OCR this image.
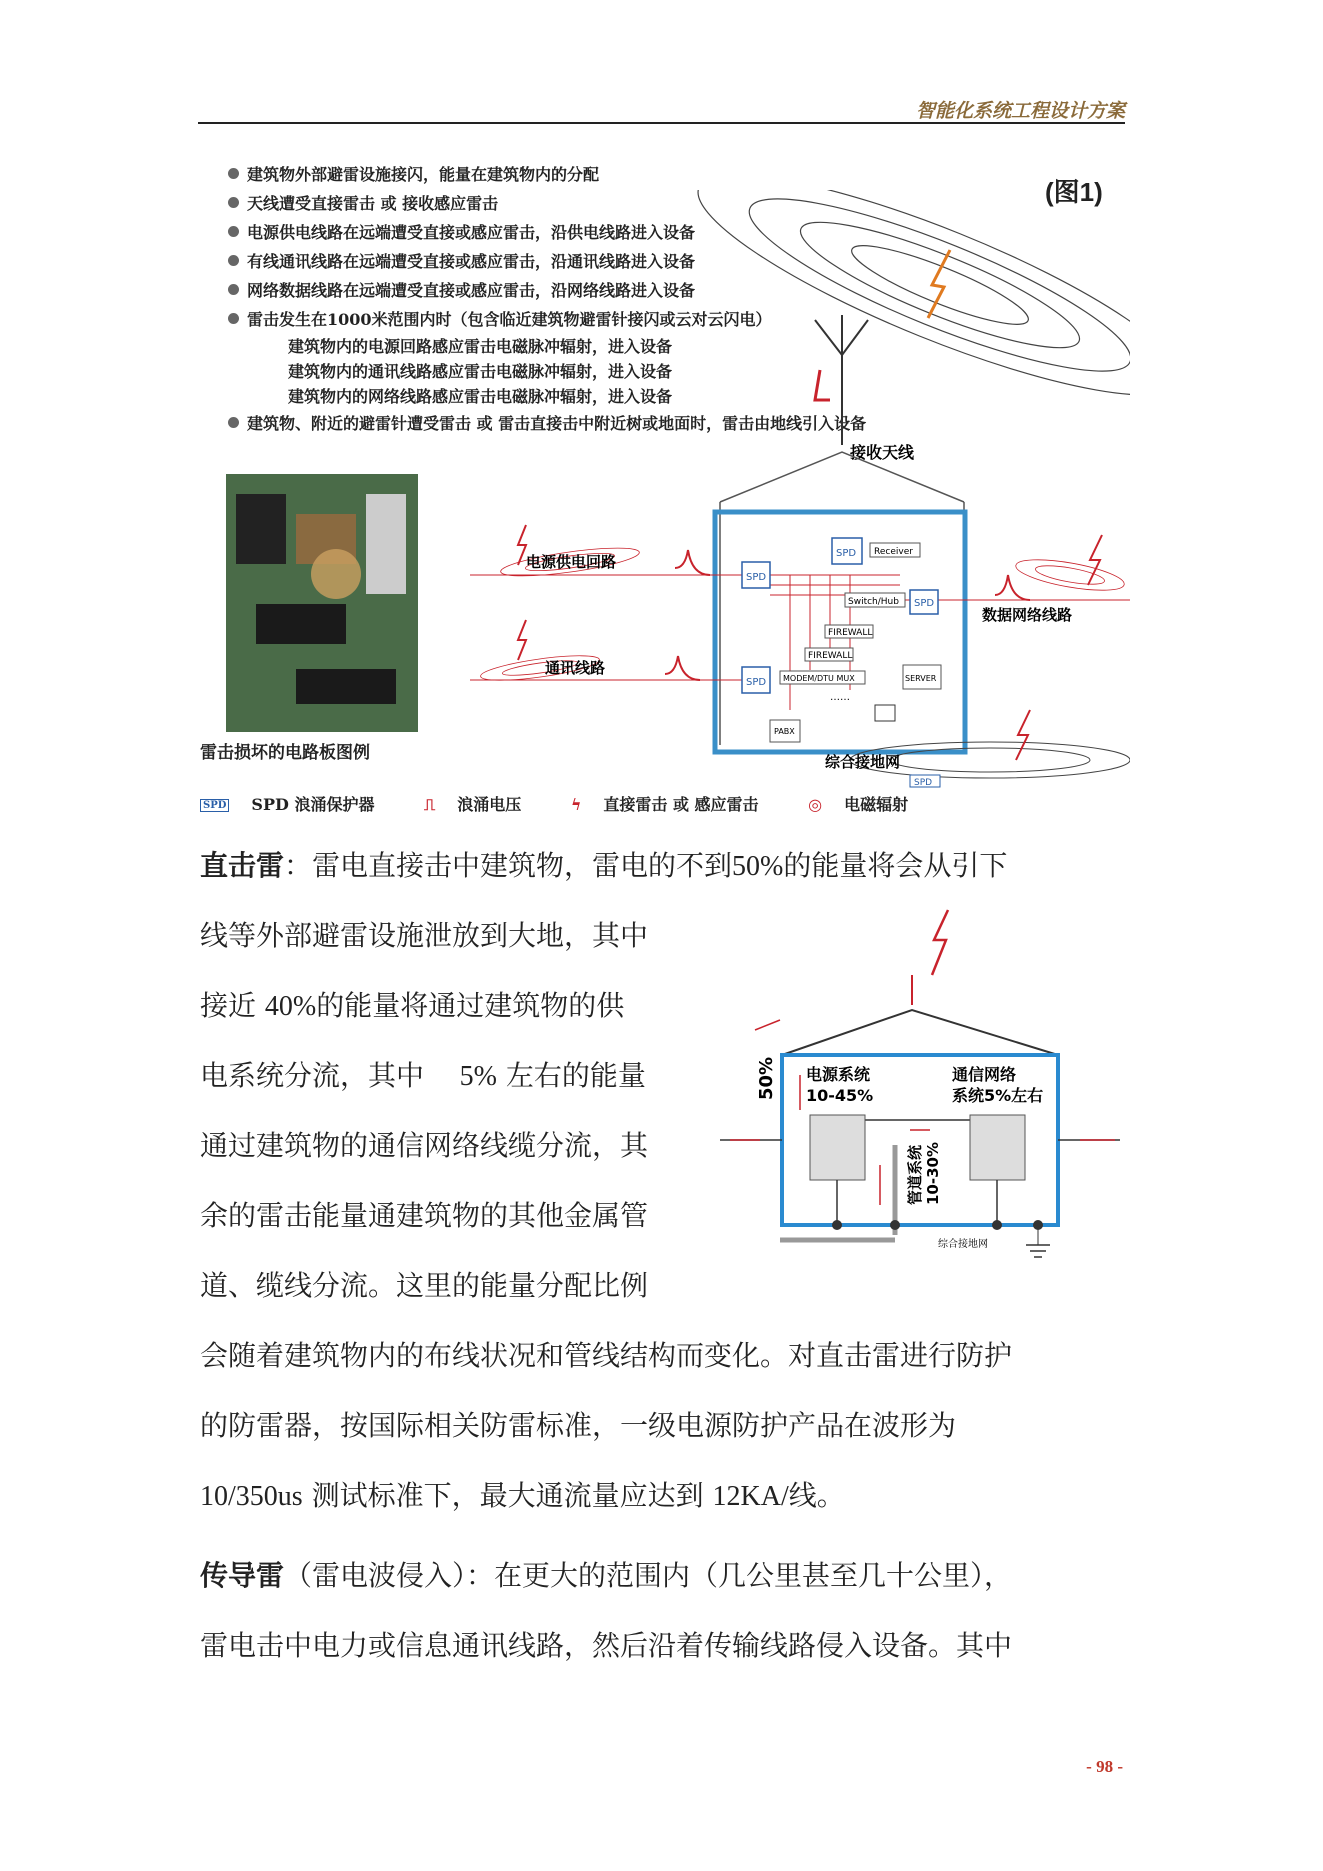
智能化系统工程设计方案
建筑物外部避雷设施接闪，能量在建筑物内的分配
天线遭受直接雷击 或 接收感应雷击
电源供电线路在远端遭受直接或感应雷击，沿供电线路进入设备
有线通讯线路在远端遭受直接或感应雷击，沿通讯线路进入设备
网络数据线路在远端遭受直接或感应雷击，沿网络线路进入设备
雷击发生在1000米范围内时（包含临近建筑物避雷针接闪或云对云闪电）
建筑物内的电源回路感应雷击电磁脉冲辐射，进入设备
建筑物内的通讯线路感应雷击电磁脉冲辐射，进入设备
建筑物内的网络线路感应雷击电磁脉冲辐射，进入设备
建筑物、附近的避雷针遭受雷击 或 雷击直接击中附近树或地面时，雷击由地线引入设备
(图1)
接收天线
SPD
SPD
SPD
SPD
Receiver
Switch/Hub
FIREWALL
FIREWALL
MODEM/DTU MUX	SERVER
PABX
……
电源供电回路
通讯线路
数据网络线路
综合接地网
SPD
雷击损坏的电路板图例
SPD SPD 浪涌保护器	⎍ 浪涌电压	ϟ 直接雷击 或 感应雷击	◎ 电磁辐射
50% 电源系统
10-45%
通信网络
系统5%左右
管道系统 10-30%
综合接地网
直击雷：雷电直接击中建筑物，雷电的不到50%的能量将会从引下
线等外部避雷设施泄放到大地，其中
接近 40%的能量将通过建筑物的供
电系统分流，其中 5% 左右的能量
通过建筑物的通信网络线缆分流，其
余的雷击能量通建筑物的其他金属管
道、缆线分流。这里的能量分配比例
会随着建筑物内的布线状况和管线结构而变化。对直击雷进行防护
的防雷器，按国际相关防雷标准，一级电源防护产品在波形为
10/350us 测试标准下，最大通流量应达到 12KA/线。
传导雷（雷电波侵入）：在更大的范围内（几公里甚至几十公里），
雷电击中电力或信息通讯线路，然后沿着传输线路侵入设备。其中
- 98 -
